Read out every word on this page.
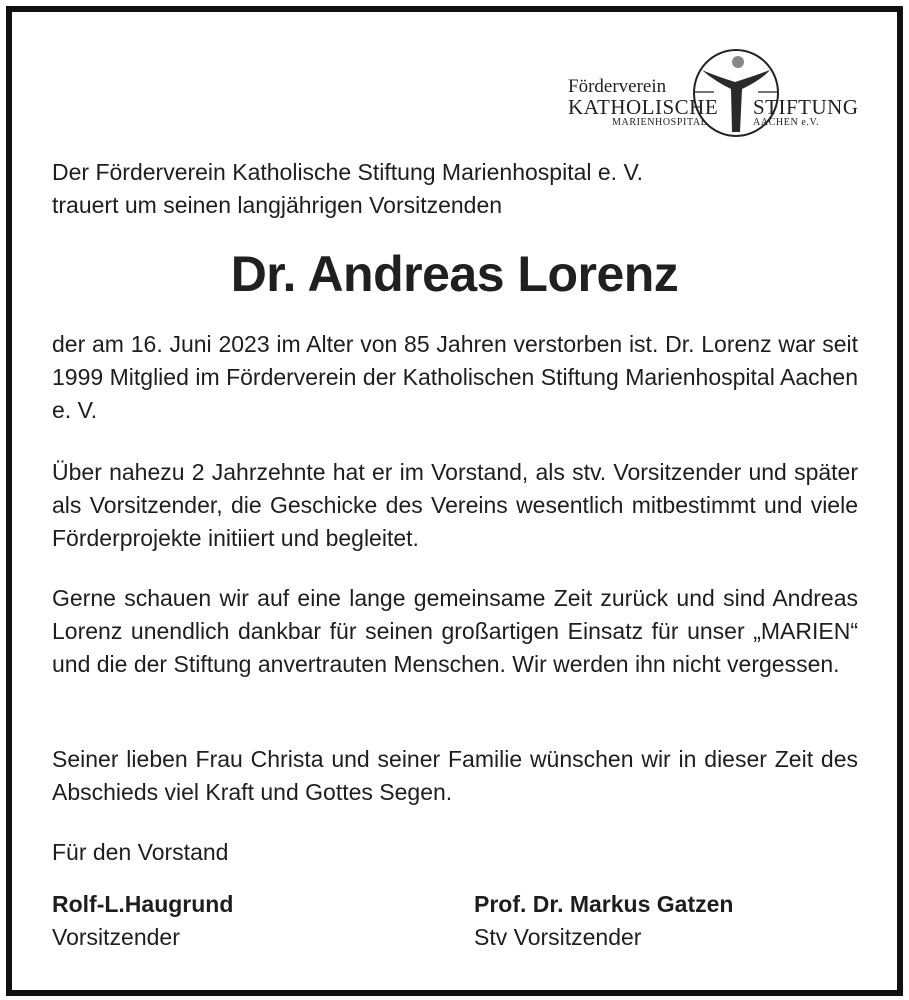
Förderverein
KATHOLISCHE STIFTUNG
MARIENHOSPITAL	AACHEN e.V.
Der Förderverein Katholische Stiftung Marienhospital e. V.
trauert um seinen langjährigen Vorsitzenden
Dr. Andreas Lorenz

der am 16. Juni 2023 im Alter von 85 Jahren verstorben ist. Dr. Lorenz war seit 1999 Mitglied im Förderverein der Katholischen Stiftung Marienhospital Aachen e. V.

Über nahezu 2 Jahrzehnte hat er im Vorstand, als stv. Vorsitzender und später als Vorsitzender, die Geschicke des Vereins wesentlich mitbestimmt und viele Förderprojekte initiiert und begleitet.

Gerne schauen wir auf eine lange gemeinsame Zeit zurück und sind Andreas Lorenz unendlich dankbar für seinen großartigen Einsatz für unser „MARIEN“ und die der Stiftung anvertrauten Menschen. Wir werden ihn nicht vergessen.

Seiner lieben Frau Christa und seiner Familie wünschen wir in dieser Zeit des Abschieds viel Kraft und Gottes Segen.

Für den Vorstand

Rolf-L.Haugrund
Vorsitzender
Prof. Dr. Markus Gatzen
Stv Vorsitzender
